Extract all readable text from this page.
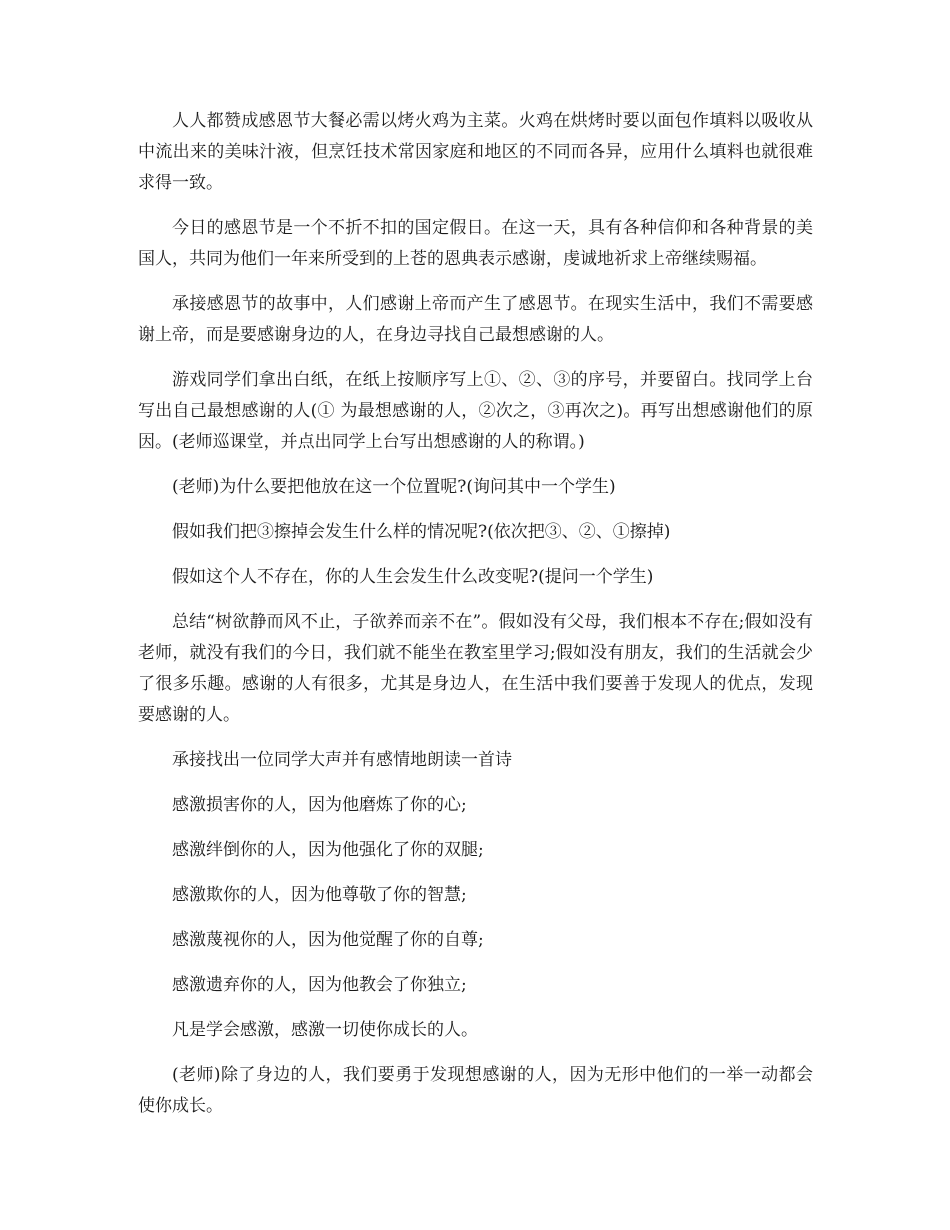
人人都赞成感恩节大餐必需以烤火鸡为主菜。火鸡在烘烤时要以面包作填料以吸收从中流出来的美味汁液，但烹饪技术常因家庭和地区的不同而各异，应用什么填料也就很难求得一致。

今日的感恩节是一个不折不扣的国定假日。在这一天，具有各种信仰和各种背景的美国人，共同为他们一年来所受到的上苍的恩典表示感谢，虔诚地祈求上帝继续赐福。

承接感恩节的故事中，人们感谢上帝而产生了感恩节。在现实生活中，我们不需要感谢上帝，而是要感谢身边的人，在身边寻找自己最想感谢的人。

游戏同学们拿出白纸，在纸上按顺序写上①、②、③的序号，并要留白。找同学上台写出自己最想感谢的人(① 为最想感谢的人，②次之，③再次之)。再写出想感谢他们的原因。(老师巡课堂，并点出同学上台写出想感谢的人的称谓。)

(老师)为什么要把他放在这一个位置呢?(询问其中一个学生)

假如我们把③擦掉会发生什么样的情况呢?(依次把③、②、①擦掉)

假如这个人不存在，你的人生会发生什么改变呢?(提问一个学生)

总结“树欲静而风不止，子欲养而亲不在”。假如没有父母，我们根本不存在;假如没有老师，就没有我们的今日，我们就不能坐在教室里学习;假如没有朋友，我们的生活就会少了很多乐趣。感谢的人有很多，尤其是身边人，在生活中我们要善于发现人的优点，发现要感谢的人。

承接找出一位同学大声并有感情地朗读一首诗

感激损害你的人，因为他磨炼了你的心;

感激绊倒你的人，因为他强化了你的双腿;

感激欺你的人，因为他尊敬了你的智慧;

感激蔑视你的人，因为他觉醒了你的自尊;

感激遗弃你的人，因为他教会了你独立;

凡是学会感激，感激一切使你成长的人。

(老师)除了身边的人，我们要勇于发现想感谢的人，因为无形中他们的一举一动都会使你成长。
